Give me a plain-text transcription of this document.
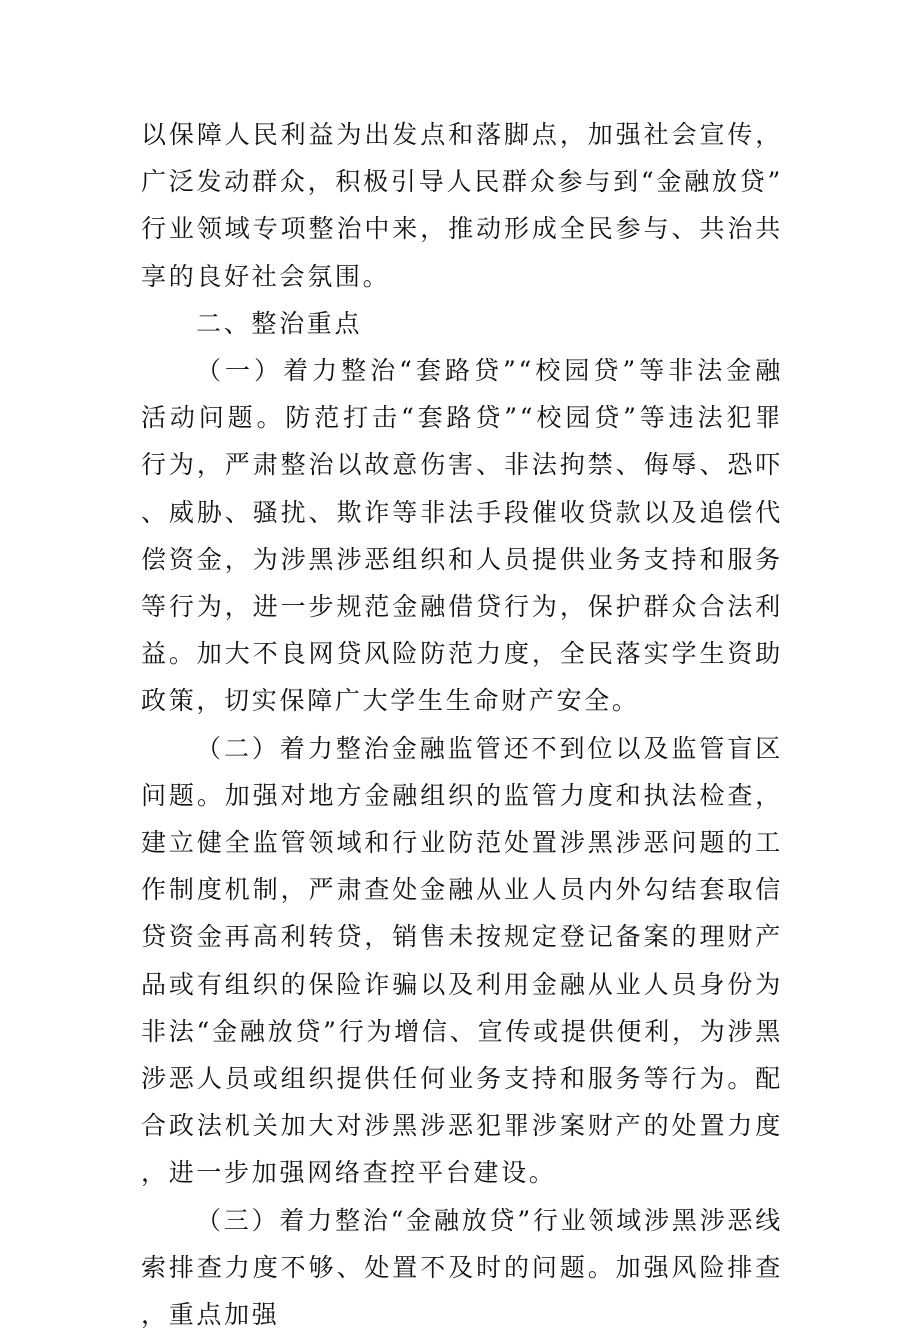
以保障人民利益为出发点和落脚点，加强社会宣传，广泛发动群众，积极引导人民群众参与到“金融放贷”行业领域专项整治中来，推动形成全民参与、共治共享的良好社会氛围。

二、整治重点

（一）着力整治“套路贷”“校园贷”等非法金融活动问题。防范打击“套路贷”“校园贷”等违法犯罪行为，严肃整治以故意伤害、非法拘禁、侮辱、恐吓、威胁、骚扰、欺诈等非法手段催收贷款以及追偿代偿资金，为涉黑涉恶组织和人员提供业务支持和服务等行为，进一步规范金融借贷行为，保护群众合法利益。加大不良网贷风险防范力度，全民落实学生资助政策，切实保障广大学生生命财产安全。

（二）着力整治金融监管还不到位以及监管盲区问题。加强对地方金融组织的监管力度和执法检查，建立健全监管领域和行业防范处置涉黑涉恶问题的工作制度机制，严肃查处金融从业人员内外勾结套取信贷资金再高利转贷，销售未按规定登记备案的理财产品或有组织的保险诈骗以及利用金融从业人员身份为非法“金融放贷”行为增信、宣传或提供便利，为涉黑涉恶人员或组织提供任何业务支持和服务等行为。配合政法机关加大对涉黑涉恶犯罪涉案财产的处置力度，进一步加强网络查控平台建设。

（三）着力整治“金融放贷”行业领域涉黑涉恶线索排查力度不够、处置不及时的问题。加强风险排查，重点加强
